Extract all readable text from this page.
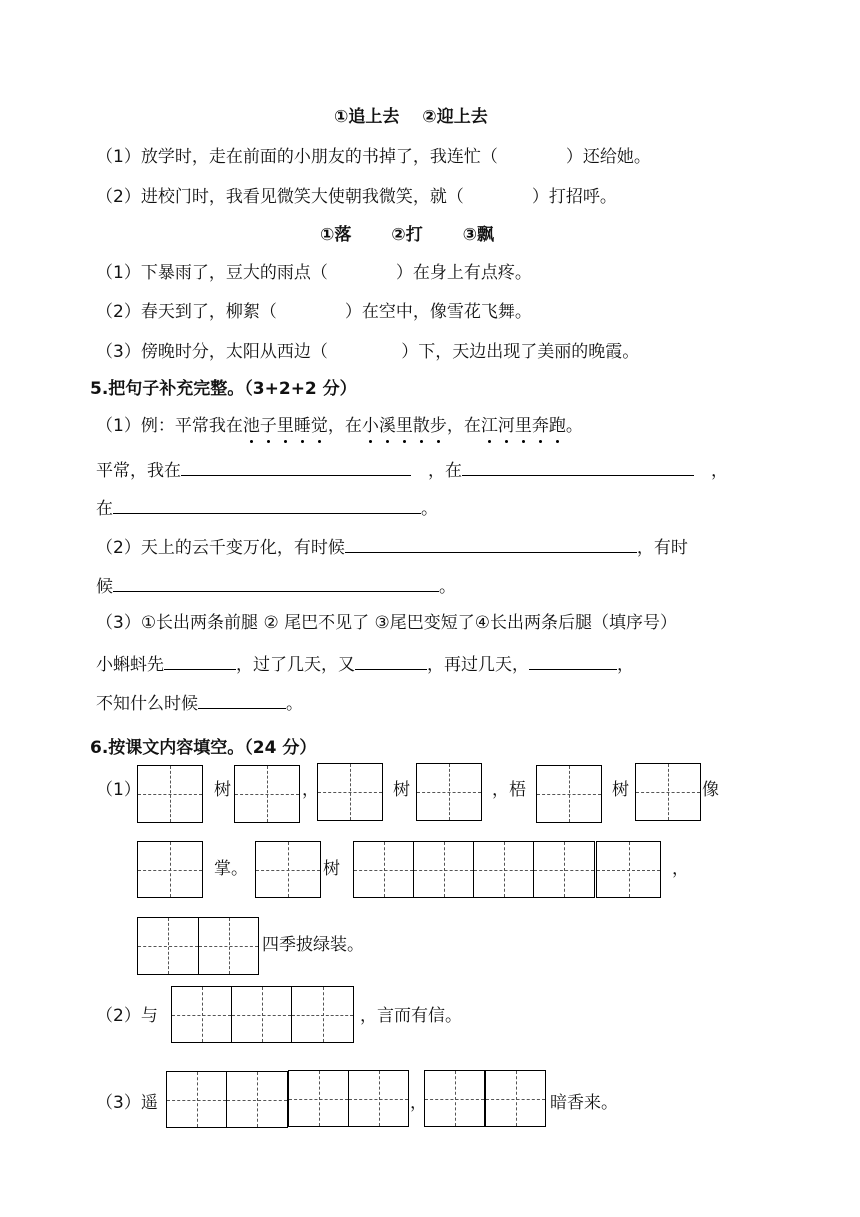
①追上去　 ②迎上去
（1）放学时，走在前面的小朋友的书掉了，我连忙（　　　　）还给她。
（2）进校门时，我看见微笑大使朝我微笑，就（　　　　）打招呼。
①落　　 ②打　　 ③飘
（1）下暴雨了，豆大的雨点（　　　　）在身上有点疼。
（2）春天到了，柳絮（　　　　）在空中，像雪花飞舞。
（3）傍晚时分，太阳从西边（　　　　 ）下，天边出现了美丽的晚霞。
5.把句子补充完整。（3+2+2 分）
（1）例：平常我在池子里睡觉，在小溪里散步，在江河里奔跑。
平常，我在　	，在　	，
在	。
（2）天上的云千变万化，有时候	，有时
候	。
（3）①长出两条前腿 ② 尾巴不见了 ③尾巴变短了④长出两条后腿（填序号）
小蝌蚪先	，过了几天，又	，再过几天，	，
不知什么时候	。
6.按课文内容填空。（24 分）
（1）	树	，	树	，梧	树	像
掌。	树	，
四季披绿装。
（2）与	，言而有信。
（3）遥	，	暗香来。
